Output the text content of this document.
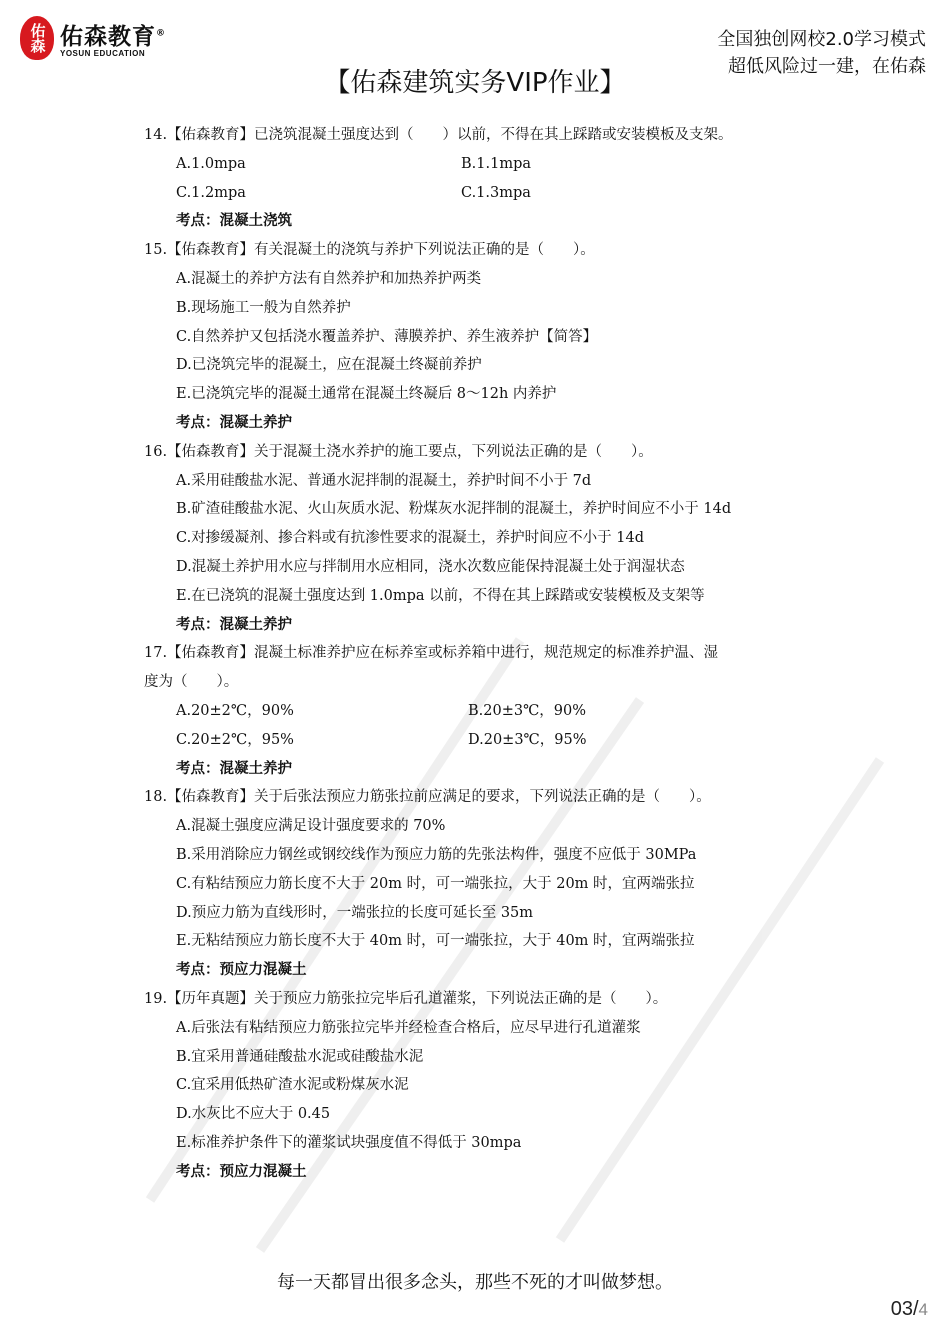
佑森 佑森教育®
YOSUN EDUCATION
全国独创网校2.0学习模式
超低风险过一建，在佑森
【佑森建筑实务VIP作业】
14.【佑森教育】已浇筑混凝土强度达到（　　）以前，不得在其上踩踏或安装模板及支架。
A.1.0mpa	B.1.1mpa
C.1.2mpa	C.1.3mpa
考点：混凝土浇筑
15.【佑森教育】有关混凝土的浇筑与养护下列说法正确的是（　　）。
A.混凝土的养护方法有自然养护和加热养护两类
B.现场施工一般为自然养护
C.自然养护又包括浇水覆盖养护、薄膜养护、养生液养护【简答】
D.已浇筑完毕的混凝土，应在混凝土终凝前养护
E.已浇筑完毕的混凝土通常在混凝土终凝后 8～12h 内养护
考点：混凝土养护
16.【佑森教育】关于混凝土浇水养护的施工要点，下列说法正确的是（　　）。
A.采用硅酸盐水泥、普通水泥拌制的混凝土，养护时间不小于 7d
B.矿渣硅酸盐水泥、火山灰质水泥、粉煤灰水泥拌制的混凝土，养护时间应不小于 14d
C.对掺缓凝剂、掺合料或有抗渗性要求的混凝土，养护时间应不小于 14d
D.混凝土养护用水应与拌制用水应相同，浇水次数应能保持混凝土处于润湿状态
E.在已浇筑的混凝土强度达到 1.0mpa 以前，不得在其上踩踏或安装模板及支架等
考点：混凝土养护
17.【佑森教育】混凝土标准养护应在标养室或标养箱中进行，规范规定的标准养护温、湿
度为（　　）。
A.20±2℃，90%	B.20±3℃，90%
C.20±2℃，95%	D.20±3℃，95%
考点：混凝土养护
18.【佑森教育】关于后张法预应力筋张拉前应满足的要求，下列说法正确的是（　　）。
A.混凝土强度应满足设计强度要求的 70%
B.采用消除应力钢丝或钢绞线作为预应力筋的先张法构件，强度不应低于 30MPa
C.有粘结预应力筋长度不大于 20m 时，可一端张拉，大于 20m 时，宜两端张拉
D.预应力筋为直线形时，一端张拉的长度可延长至 35m
E.无粘结预应力筋长度不大于 40m 时，可一端张拉，大于 40m 时，宜两端张拉
考点：预应力混凝土
19.【历年真题】关于预应力筋张拉完毕后孔道灌浆，下列说法正确的是（　　）。
A.后张法有粘结预应力筋张拉完毕并经检查合格后，应尽早进行孔道灌浆
B.宜采用普通硅酸盐水泥或硅酸盐水泥
C.宜采用低热矿渣水泥或粉煤灰水泥
D.水灰比不应大于 0.45
E.标准养护条件下的灌浆试块强度值不得低于 30mpa
考点：预应力混凝土
每一天都冒出很多念头，那些不死的才叫做梦想。
03/4
